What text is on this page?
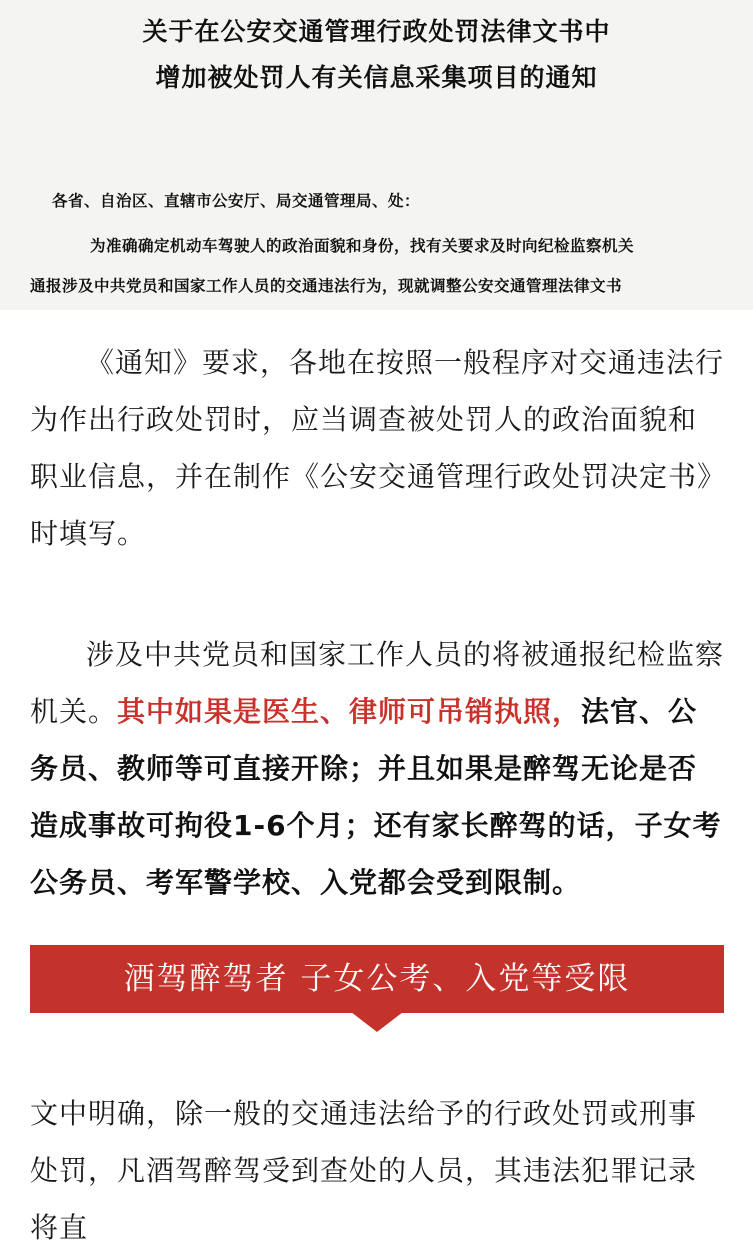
关于在公安交通管理行政处罚法律文书中
增加被处罚人有关信息采集项目的通知
各省、自治区、直辖市公安厅、局交通管理局、处：
为准确确定机动车驾驶人的政治面貌和身份，找有关要求及时向纪检监察机关
通报涉及中共党员和国家工作人员的交通违法行为，现就调整公安交通管理法律文书

《通知》要求，各地在按照一般程序对交通违法行为作出行政处罚时，应当调查被处罚人的政治面貌和职业信息，并在制作《公安交通管理行政处罚决定书》时填写。

涉及中共党员和国家工作人员的将被通报纪检监察机关。其中如果是医生、律师可吊销执照，法官、公务员、教师等可直接开除；并且如果是醉驾无论是否造成事故可拘役1-6个月；还有家长醉驾的话，子女考公务员、考军警学校、入党都会受到限制。

酒驾醉驾者 子女公考、入党等受限

文中明确，除一般的交通违法给予的行政处罚或刑事处罚，凡酒驾醉驾受到查处的人员，其违法犯罪记录将直
